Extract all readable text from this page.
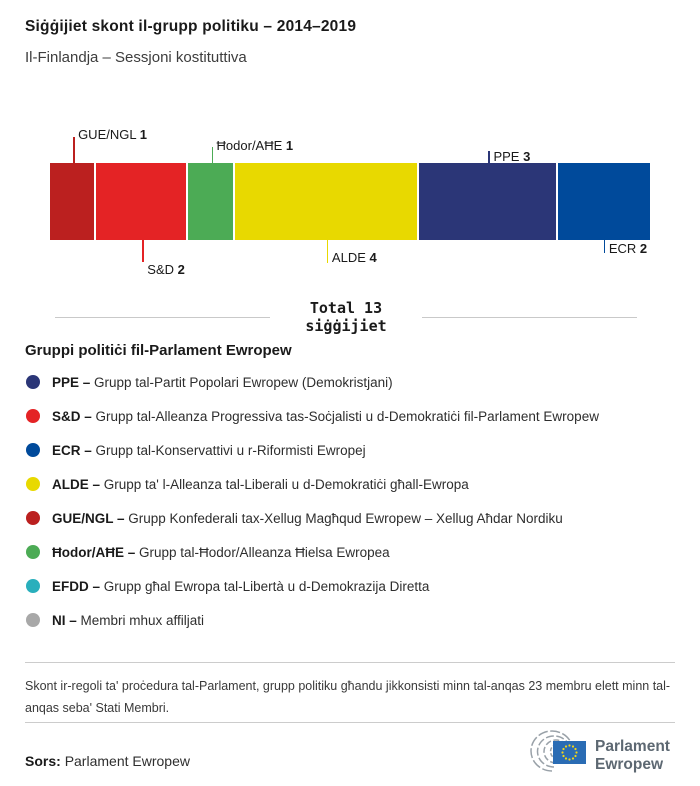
Siġġijiet skont il-grupp politiku – 2014–2019
Il-Finlandja – Sessjoni kostituttiva
GUE/NGL 1
S&D 2
Ħodor/AĦE 1
ALDE 4
PPE 3
ECR 2
Total 13
siġġijiet
Gruppi politiċi fil-Parlament Ewropew
PPE – Grupp tal-Partit Popolari Ewropew (Demokristjani)
S&D – Grupp tal-Alleanza Progressiva tas-Soċjalisti u d-Demokratiċi fil-Parlament Ewropew
ECR – Grupp tal-Konservattivi u r-Riformisti Ewropej
ALDE – Grupp ta' l-Alleanza tal-Liberali u d-Demokratiċi għall-Ewropa
GUE/NGL – Grupp Konfederali tax-Xellug Magħqud Ewropew – Xellug Aħdar Nordiku
Ħodor/AĦE – Grupp tal-Ħodor/Alleanza Ħielsa Ewropea
EFDD – Grupp għal Ewropa tal-Libertà u d-Demokrazija Diretta
NI – Membri mhux affiljati
Skont ir-regoli ta' proċedura tal-Parlament, grupp politiku għandu jikkonsisti minn tal-anqas 23 membru elett minn tal-anqas seba' Stati Membri.
Sors: Parlament Ewropew
Parlament
Ewropew
